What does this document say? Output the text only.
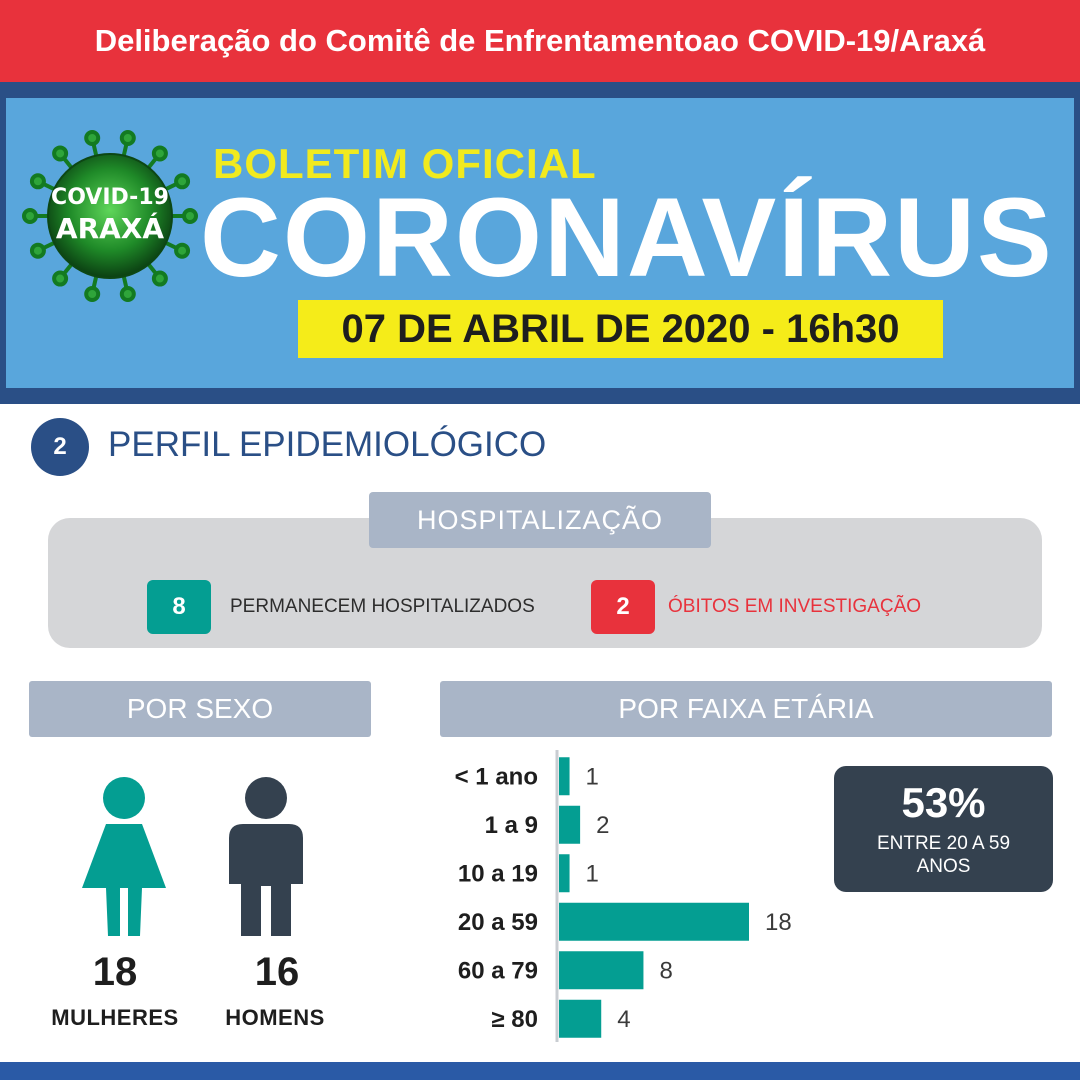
Deliberação do Comitê de Enfrentamentoao COVID-19/Araxá
COVID-19
ARAXÁ
BOLETIM OFICIAL
CORONAVÍRUS
07 DE ABRIL DE 2020 - 16h30
2	PERFIL EPIDEMIOLÓGICO
HOSPITALIZAÇÃO
8	PERMANECEM HOSPITALIZADOS	2	ÓBITOS EM INVESTIGAÇÃO
POR SEXO	POR FAIXA ETÁRIA
18	16
MULHERES	HOMENS
< 1 ano 1
1 a 9 2
10 a 19 1
20 a 59	18
60 a 79	8
≥ 80	4
53%
ENTRE 20 A 59 ANOS
